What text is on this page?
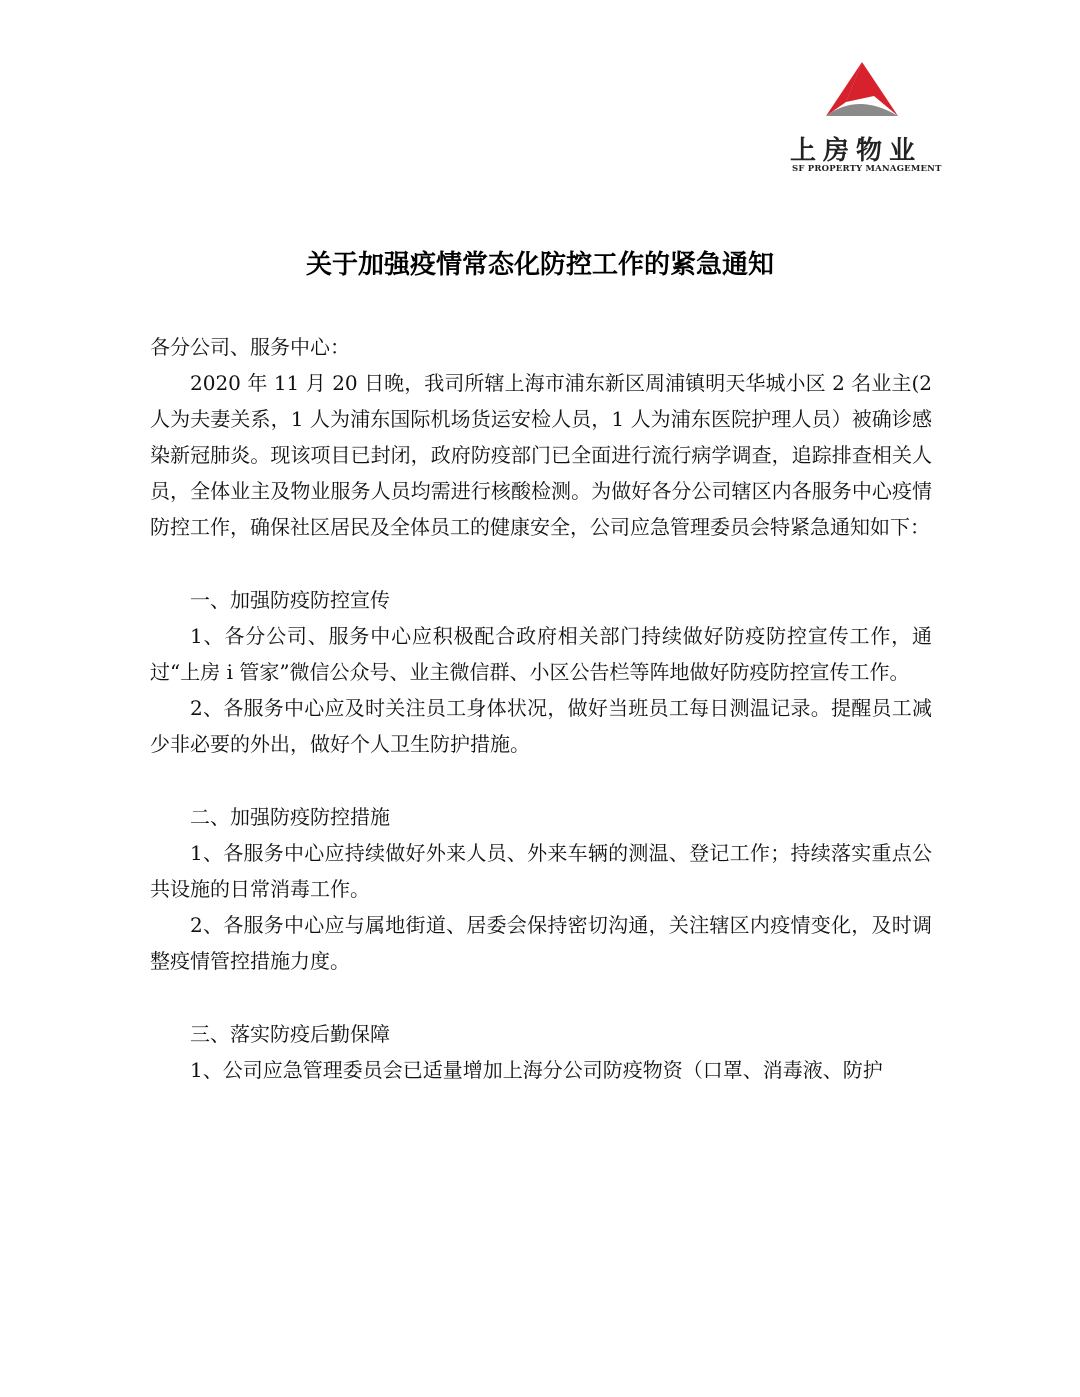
上房物业
SF PROPERTY MANAGEMENT
关于加强疫情常态化防控工作的紧急通知

各分公司、服务中心：

2020 年 11 月 20 日晚，我司所辖上海市浦东新区周浦镇明天华城小区 2 名业主(2 人为夫妻关系，1 人为浦东国际机场货运安检人员，1 人为浦东医院护理人员）被确诊感染新冠肺炎。现该项目已封闭，政府防疫部门已全面进行流行病学调查，追踪排查相关人员，全体业主及物业服务人员均需进行核酸检测。为做好各分公司辖区内各服务中心疫情防控工作，确保社区居民及全体员工的健康安全，公司应急管理委员会特紧急通知如下：

一、加强防疫防控宣传

1、各分公司、服务中心应积极配合政府相关部门持续做好防疫防控宣传工作，通过“上房 i 管家”微信公众号、业主微信群、小区公告栏等阵地做好防疫防控宣传工作。

2、各服务中心应及时关注员工身体状况，做好当班员工每日测温记录。提醒员工减少非必要的外出，做好个人卫生防护措施。

二、加强防疫防控措施

1、各服务中心应持续做好外来人员、外来车辆的测温、登记工作；持续落实重点公共设施的日常消毒工作。

2、各服务中心应与属地街道、居委会保持密切沟通，关注辖区内疫情变化，及时调整疫情管控措施力度。

三、落实防疫后勤保障

1、公司应急管理委员会已适量增加上海分公司防疫物资（口罩、消毒液、防护
